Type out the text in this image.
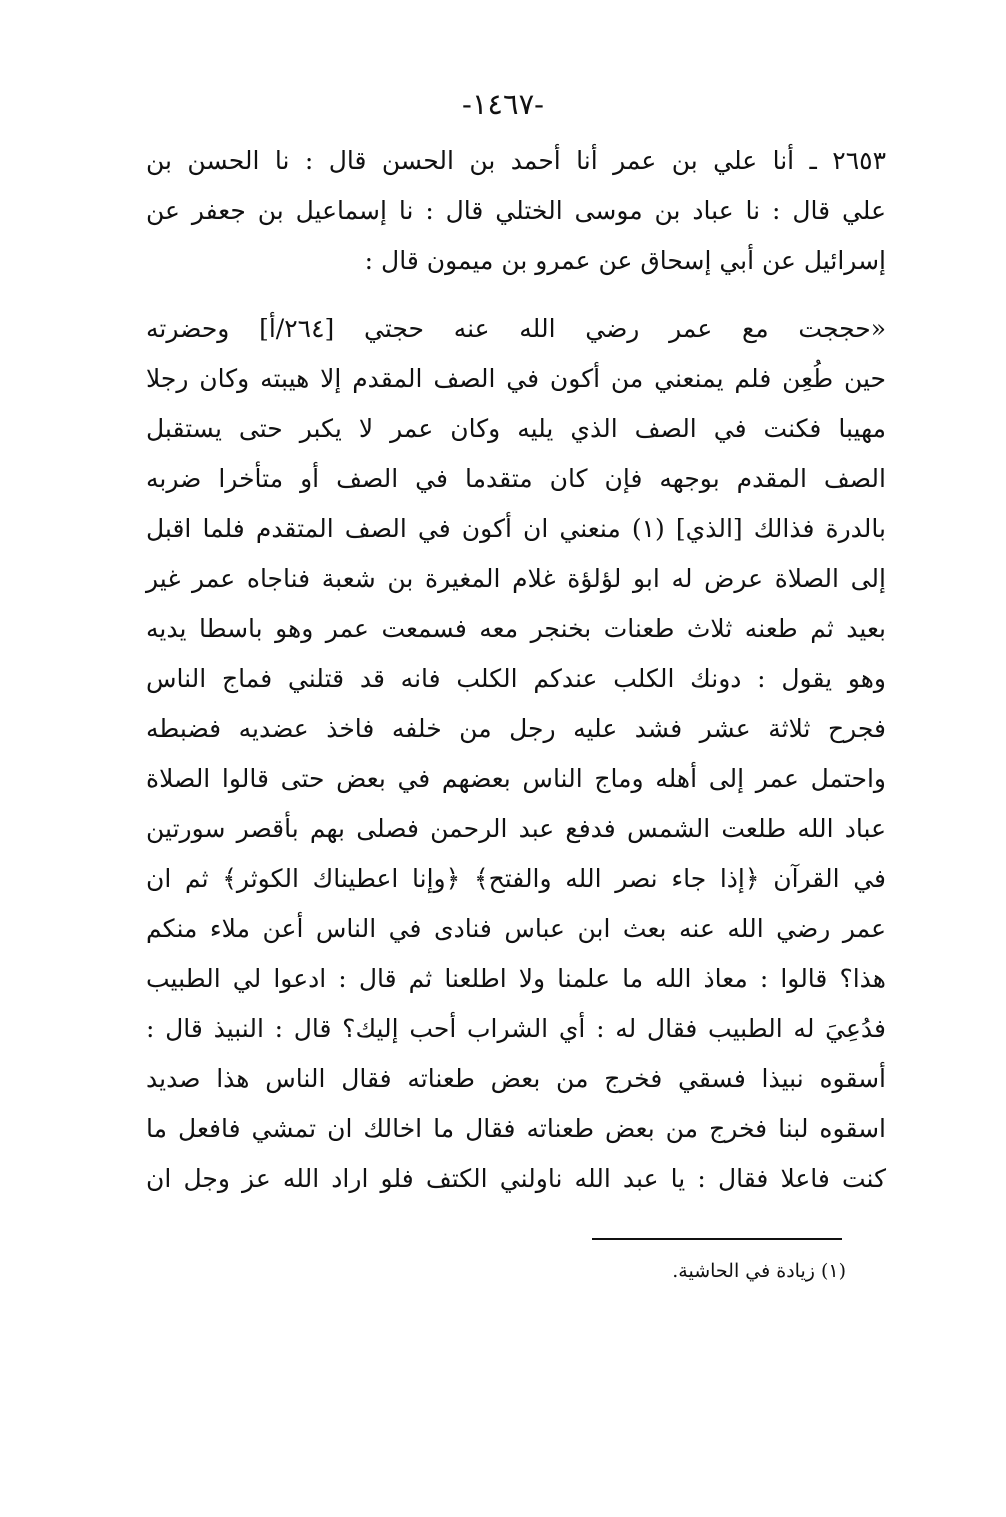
-١٤٦٧-
٢٦٥٣ ـ أنا علي بن عمر أنا أحمد بن الحسن قال : نا الحسن بن
علي قال : نا عباد بن موسى الختلي قال : نا إسماعيل بن جعفر عن
إسرائيل عن أبي إسحاق عن عمرو بن ميمون قال :
«حججت مع عمر رضي الله عنه حجتي [٢٦٤/أ] وحضرته
حين طُعِن فلم يمنعني من أكون في الصف المقدم إلا هيبته وكان رجلا
مهيبا فكنت في الصف الذي يليه وكان عمر لا يكبر حتى يستقبل
الصف المقدم بوجهه فإن كان متقدما في الصف أو متأخرا ضربه
بالدرة فذالك [الذي] (١) منعني ان أكون في الصف المتقدم فلما اقبل
إلى الصلاة عرض له ابو لؤلؤة غلام المغيرة بن شعبة فناجاه عمر غير
بعيد ثم طعنه ثلاث طعنات بخنجر معه فسمعت عمر وهو باسطا يديه
وهو يقول : دونك الكلب عندكم الكلب فانه قد قتلني فماج الناس
فجرح ثلاثة عشر فشد عليه رجل من خلفه فاخذ عضديه فضبطه
واحتمل عمر إلى أهله وماج الناس بعضهم في بعض حتى قالوا الصلاة
عباد الله طلعت الشمس فدفع عبد الرحمن فصلى بهم بأقصر سورتين
في القرآن ﴿إذا جاء نصر الله والفتح﴾ ﴿وإنا اعطيناك الكوثر﴾ ثم ان
عمر رضي الله عنه بعث ابن عباس فنادى في الناس أعن ملاء منكم
هذا؟ قالوا : معاذ الله ما علمنا ولا اطلعنا ثم قال : ادعوا لي الطبيب
فدُعِيَ له الطبيب فقال له : أي الشراب أحب إليك؟ قال : النبيذ قال :
أسقوه نبيذا فسقي فخرج من بعض طعناته فقال الناس هذا صديد
اسقوه لبنا فخرج من بعض طعناته فقال ما اخالك ان تمشي فافعل ما
كنت فاعلا فقال : يا عبد الله ناولني الكتف فلو اراد الله عز وجل ان
(١) زيادة في الحاشية.
